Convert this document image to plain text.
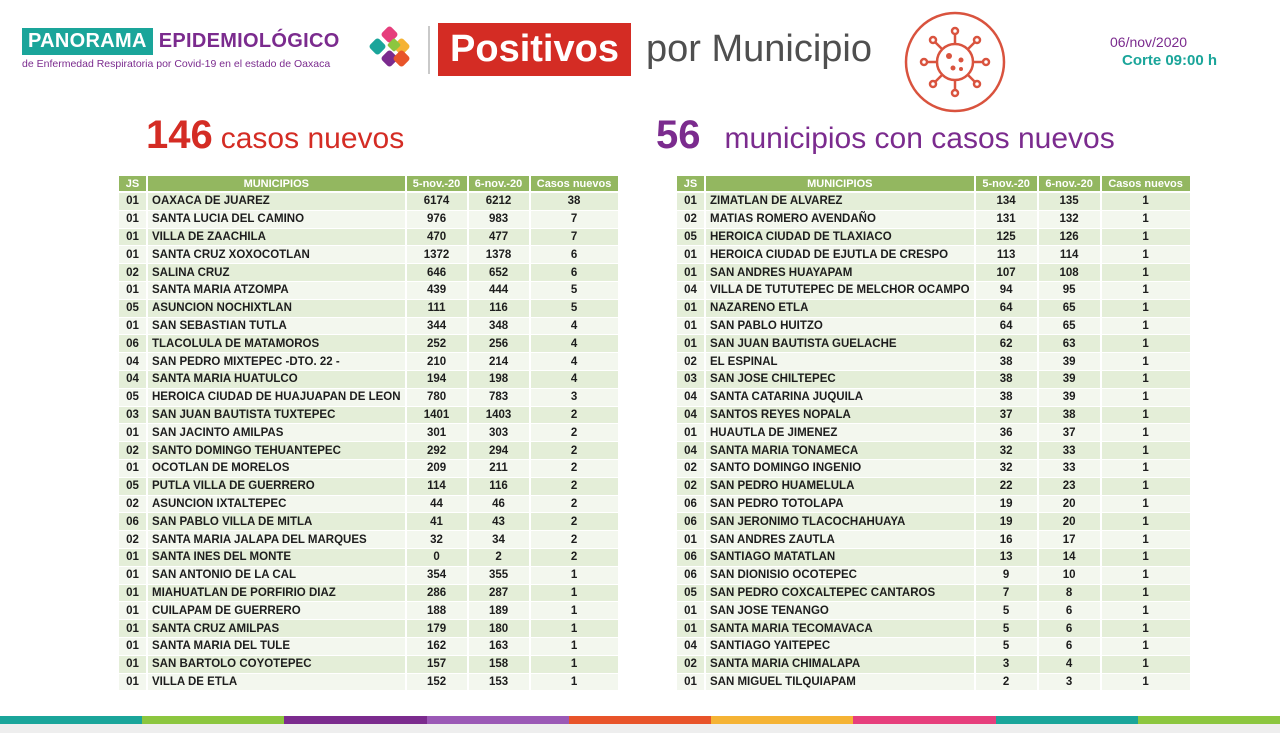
PANORAMA EPIDEMIOLÓGICO
de Enfermedad Respiratoria por Covid-19 en el estado de Oaxaca	Positivos por Municipio	06/nov/2020
Corte 09:00 h
146 casos nuevos	56 municipios con casos nuevos
JS	MUNICIPIOS	5-nov.-20	6-nov.-20	Casos nuevos
01	OAXACA DE JUAREZ	6174	6212	38
01	SANTA LUCIA DEL CAMINO	976	983	7
01	VILLA DE ZAACHILA	470	477	7
01	SANTA CRUZ XOXOCOTLAN	1372	1378	6
02	SALINA CRUZ	646	652	6
01	SANTA MARIA ATZOMPA	439	444	5
05	ASUNCION NOCHIXTLAN	111	116	5
01	SAN SEBASTIAN TUTLA	344	348	4
06	TLACOLULA DE MATAMOROS	252	256	4
04	SAN PEDRO MIXTEPEC -DTO. 22 -	210	214	4
04	SANTA MARIA HUATULCO	194	198	4
05	HEROICA CIUDAD DE HUAJUAPAN DE LEON	780	783	3
03	SAN JUAN BAUTISTA TUXTEPEC	1401	1403	2
01	SAN JACINTO AMILPAS	301	303	2
02	SANTO DOMINGO TEHUANTEPEC	292	294	2
01	OCOTLAN DE MORELOS	209	211	2
05	PUTLA VILLA DE GUERRERO	114	116	2
02	ASUNCION IXTALTEPEC	44	46	2
06	SAN PABLO VILLA DE MITLA	41	43	2
02	SANTA MARIA JALAPA DEL MARQUES	32	34	2
01	SANTA INES DEL MONTE	0	2	2
01	SAN ANTONIO DE LA CAL	354	355	1
01	MIAHUATLAN DE PORFIRIO DIAZ	286	287	1
01	CUILAPAM DE GUERRERO	188	189	1
01	SANTA CRUZ AMILPAS	179	180	1
01	SANTA MARIA DEL TULE	162	163	1
01	SAN BARTOLO COYOTEPEC	157	158	1
01	VILLA DE ETLA	152	153	1
JS	MUNICIPIOS	5-nov.-20	6-nov.-20	Casos nuevos
01	ZIMATLAN DE ALVAREZ	134	135	1
02	MATIAS ROMERO AVENDAÑO	131	132	1
05	HEROICA CIUDAD DE TLAXIACO	125	126	1
01	HEROICA CIUDAD DE EJUTLA DE CRESPO	113	114	1
01	SAN ANDRES HUAYAPAM	107	108	1
04	VILLA DE TUTUTEPEC DE MELCHOR OCAMPO	94	95	1
01	NAZARENO ETLA	64	65	1
01	SAN PABLO HUITZO	64	65	1
01	SAN JUAN BAUTISTA GUELACHE	62	63	1
02	EL ESPINAL	38	39	1
03	SAN JOSE CHILTEPEC	38	39	1
04	SANTA CATARINA JUQUILA	38	39	1
04	SANTOS REYES NOPALA	37	38	1
01	HUAUTLA DE JIMENEZ	36	37	1
04	SANTA MARIA TONAMECA	32	33	1
02	SANTO DOMINGO INGENIO	32	33	1
02	SAN PEDRO HUAMELULA	22	23	1
06	SAN PEDRO TOTOLAPA	19	20	1
06	SAN JERONIMO TLACOCHAHUAYA	19	20	1
01	SAN ANDRES ZAUTLA	16	17	1
06	SANTIAGO MATATLAN	13	14	1
06	SAN DIONISIO OCOTEPEC	9	10	1
05	SAN PEDRO COXCALTEPEC CANTAROS	7	8	1
01	SAN JOSE TENANGO	5	6	1
01	SANTA MARIA TECOMAVACA	5	6	1
04	SANTIAGO YAITEPEC	5	6	1
02	SANTA MARIA CHIMALAPA	3	4	1
01	SAN MIGUEL TILQUIAPAM	2	3	1
